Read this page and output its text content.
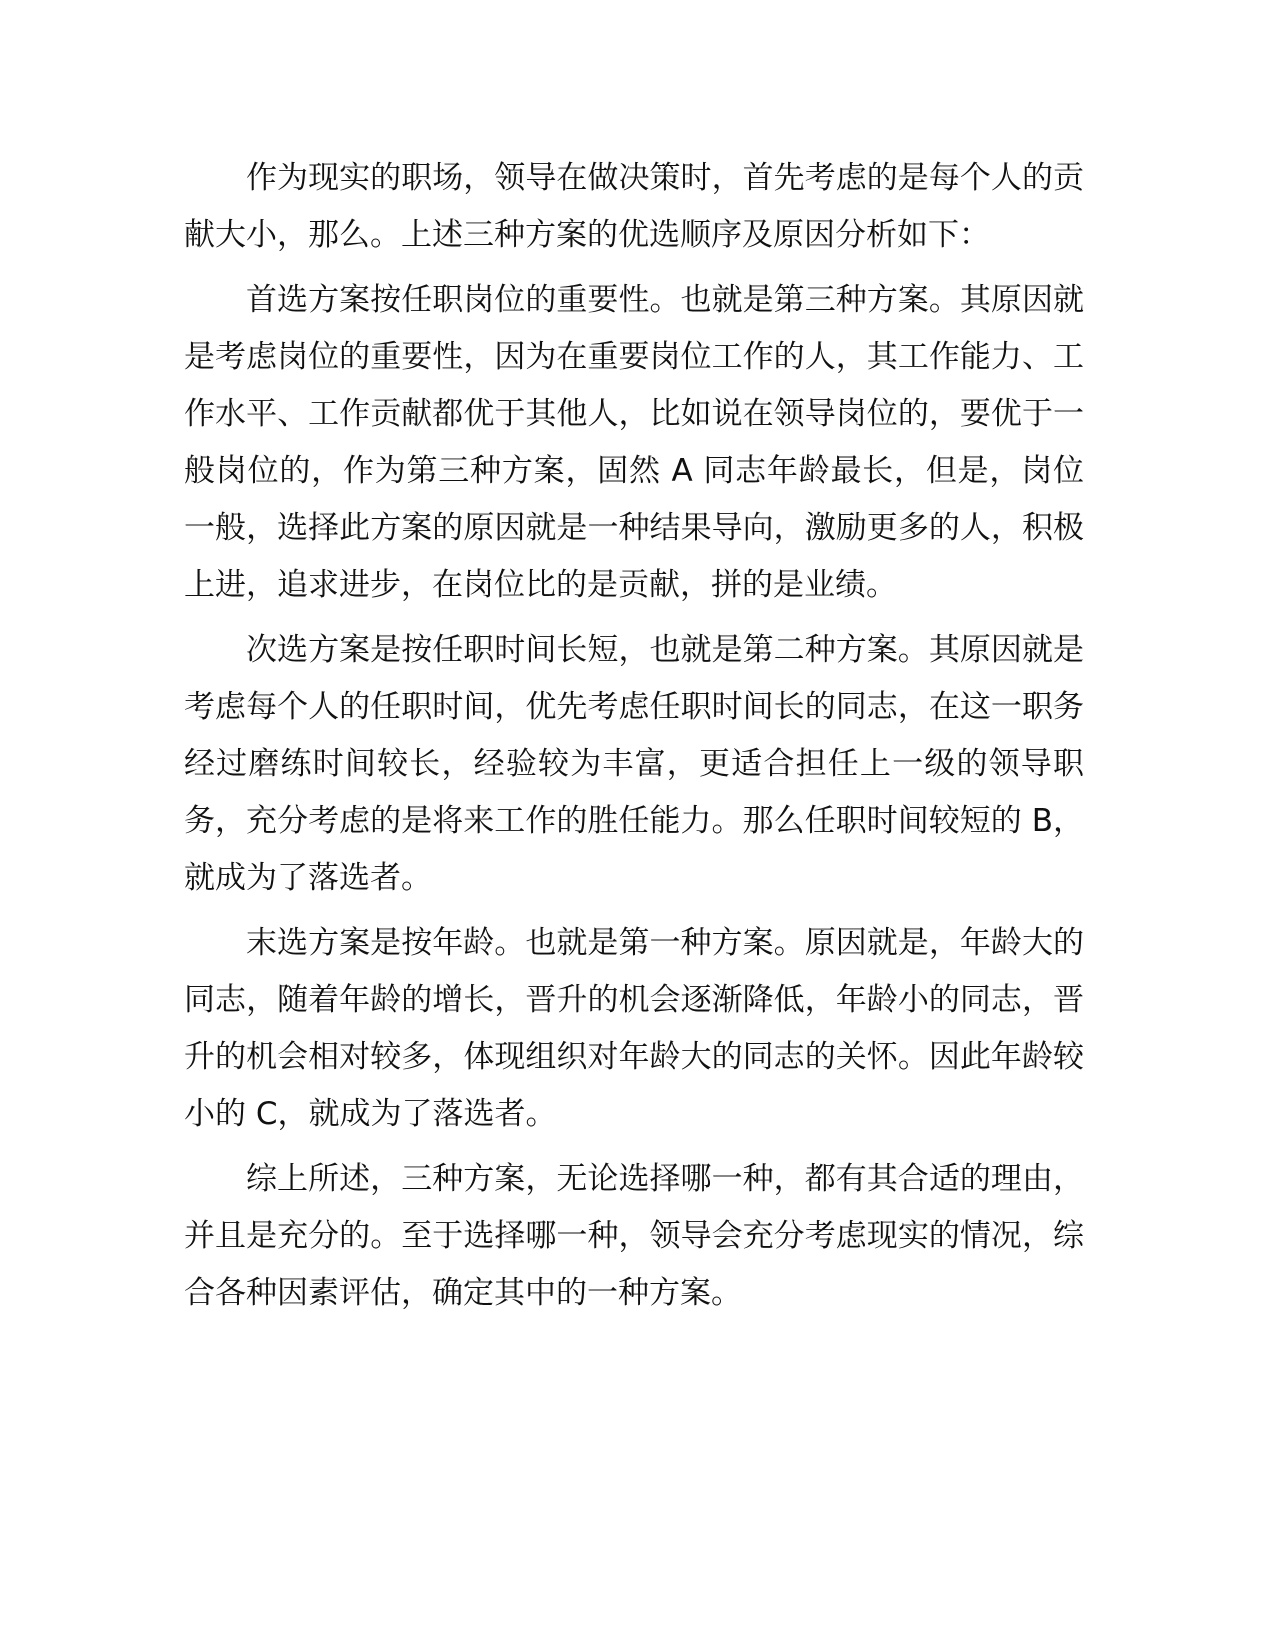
作为现实的职场，领导在做决策时，首先考虑的是每个人的贡献大小，那么。上述三种方案的优选顺序及原因分析如下：

首选方案按任职岗位的重要性。也就是第三种方案。其原因就是考虑岗位的重要性，因为在重要岗位工作的人，其工作能力、工作水平、工作贡献都优于其他人，比如说在领导岗位的，要优于一般岗位的，作为第三种方案，固然 A 同志年龄最长，但是，岗位一般，选择此方案的原因就是一种结果导向，激励更多的人，积极上进，追求进步，在岗位比的是贡献，拼的是业绩。

次选方案是按任职时间长短，也就是第二种方案。其原因就是考虑每个人的任职时间，优先考虑任职时间长的同志，在这一职务经过磨练时间较长，经验较为丰富，更适合担任上一级的领导职务，充分考虑的是将来工作的胜任能力。那么任职时间较短的 B，就成为了落选者。

末选方案是按年龄。也就是第一种方案。原因就是，年龄大的同志，随着年龄的增长，晋升的机会逐渐降低，年龄小的同志，晋升的机会相对较多，体现组织对年龄大的同志的关怀。因此年龄较小的 C，就成为了落选者。

综上所述，三种方案，无论选择哪一种，都有其合适的理由，并且是充分的。至于选择哪一种，领导会充分考虑现实的情况，综合各种因素评估，确定其中的一种方案。
